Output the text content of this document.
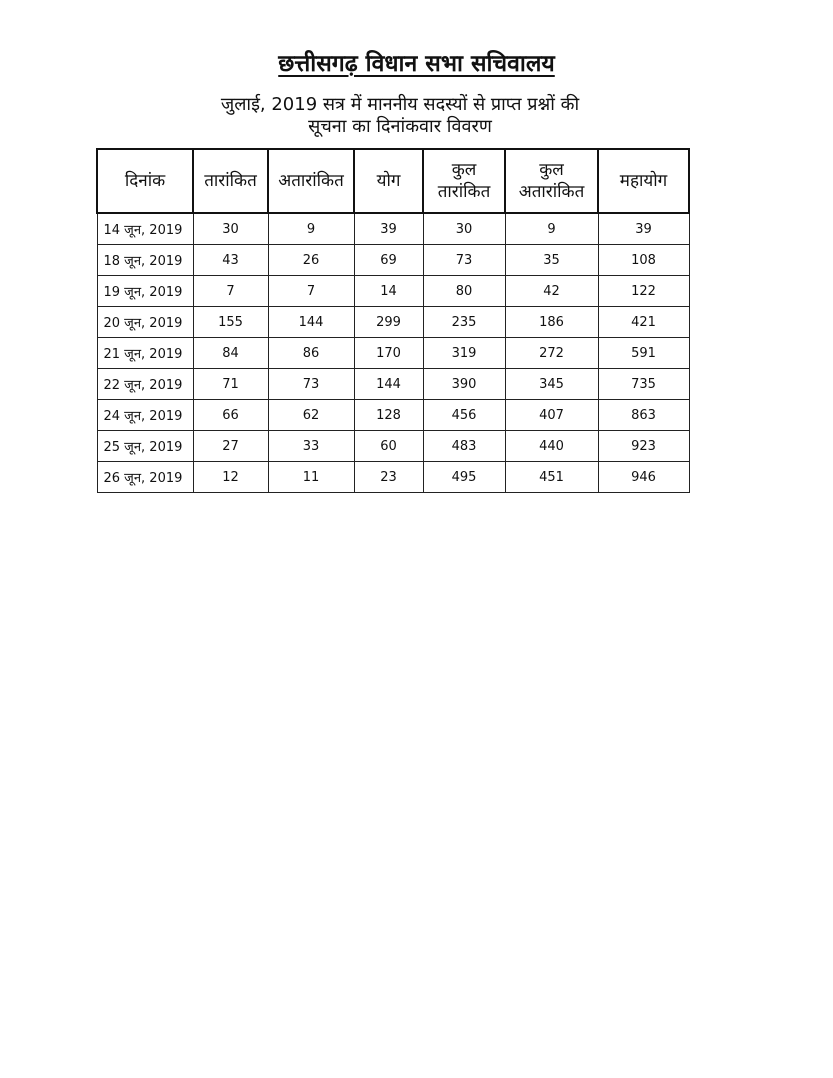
छत्तीसगढ़ विधान सभा सचिवालय
जुलाई, 2019 सत्र में माननीय सदस्यों से प्राप्त प्रश्नों की
सूचना का दिनांकवार विवरण
दिनांक	तारांकित	अतारांकित	योग	कुल तारांकित	कुल अतारांकित	महायोग
14 जून, 2019	30	9	39	30	9	39
18 जून, 2019	43	26	69	73	35	108
19 जून, 2019	7	7	14	80	42	122
20 जून, 2019	155	144	299	235	186	421
21 जून, 2019	84	86	170	319	272	591
22 जून, 2019	71	73	144	390	345	735
24 जून, 2019	66	62	128	456	407	863
25 जून, 2019	27	33	60	483	440	923
26 जून, 2019	12	11	23	495	451	946
